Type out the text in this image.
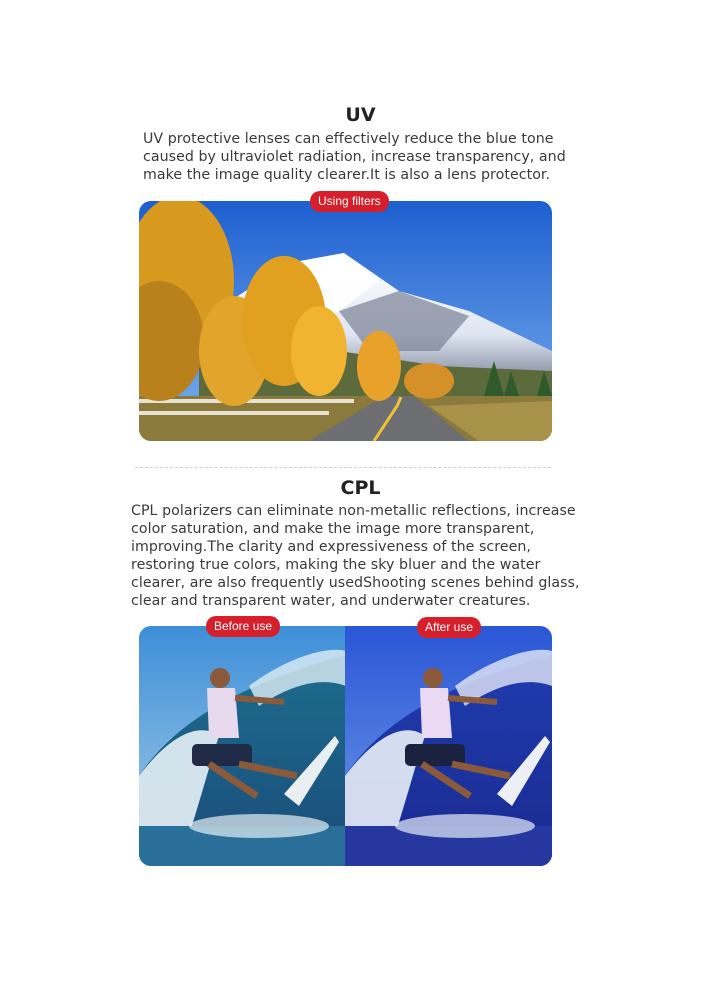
UV
UV protective lenses can effectively reduce the blue tone
caused by ultraviolet radiation, increase transparency, and
make the image quality clearer.It is also a lens protector.
Using filters
CPL
CPL polarizers can eliminate non-metallic reflections, increase
color saturation, and make the image more transparent,
improving.The clarity and expressiveness of the screen,
restoring true colors, making the sky bluer and the water
clearer, are also frequently usedShooting scenes behind glass,
clear and transparent water, and underwater creatures.
Before use	After use
